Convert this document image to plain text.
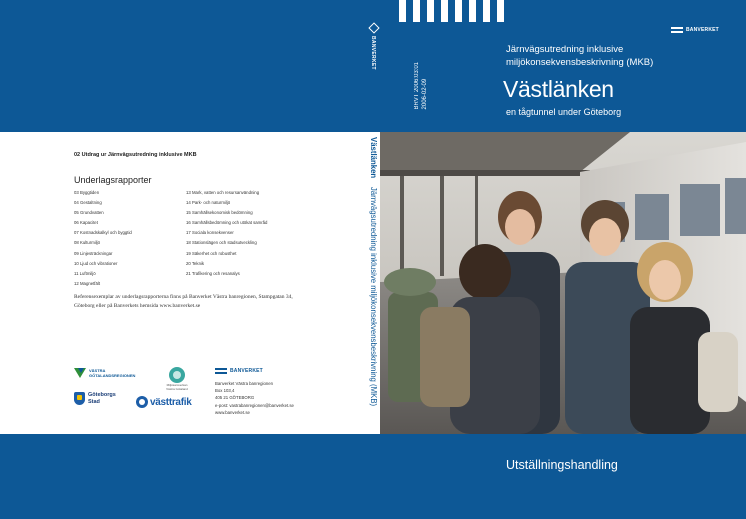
BANVERKET
BRVT 2006:03:01 2006-02-09
BANVERKET
Järnvägsutredning inklusive
miljökonsekvensbeskrivning (MKB)
Västlänken
en tågtunnel under Göteborg
02 Utdrag ur Järnvägsutredning inklusive MKB
Underlagsrapporter
03 Byggtiden
04 Gestaltning
05 Grundvatten
06 Kapacitet
07 Kostnadskalkyl och byggtid
08 Kulturmiljö
09 Linjesträckningar
10 Ljud och vibrationer
11 Luftmiljö
12 Magnetfält
13 Mark, vatten och resursanvändning
14 Park- och naturmiljö
15 Samhällsekonomisk bedömning
16 Samhällsbedömning och utökat samråd
17 Sociala konsekvenser
18 Stationslägen och stadsutveckling
19 Säkerhet och robusthet
20 Teknik
21 Trafikering och resanalys
Referensexemplar av underlagsrapporterna finns på Banverket Västra banregionen, Stampgatan 34, Göteborg eller på Banverkets hemsida www.banverket.se
VÄSTRA
GÖTALANDSREGIONEN
Göteborgs
Stad
Miljösamverkan
Västra Götaland
västtrafik
BANVERKET
Banverket Västra banregionen
Box 103,4
405 21 GÖTEBORG
e-post: vastrabanregionen@banverket.se
www.banverket.se
Västlänken    Järnvägsutredning inklusive miljökonsekvensbeskrivning (MKB)
Utställningshandling
